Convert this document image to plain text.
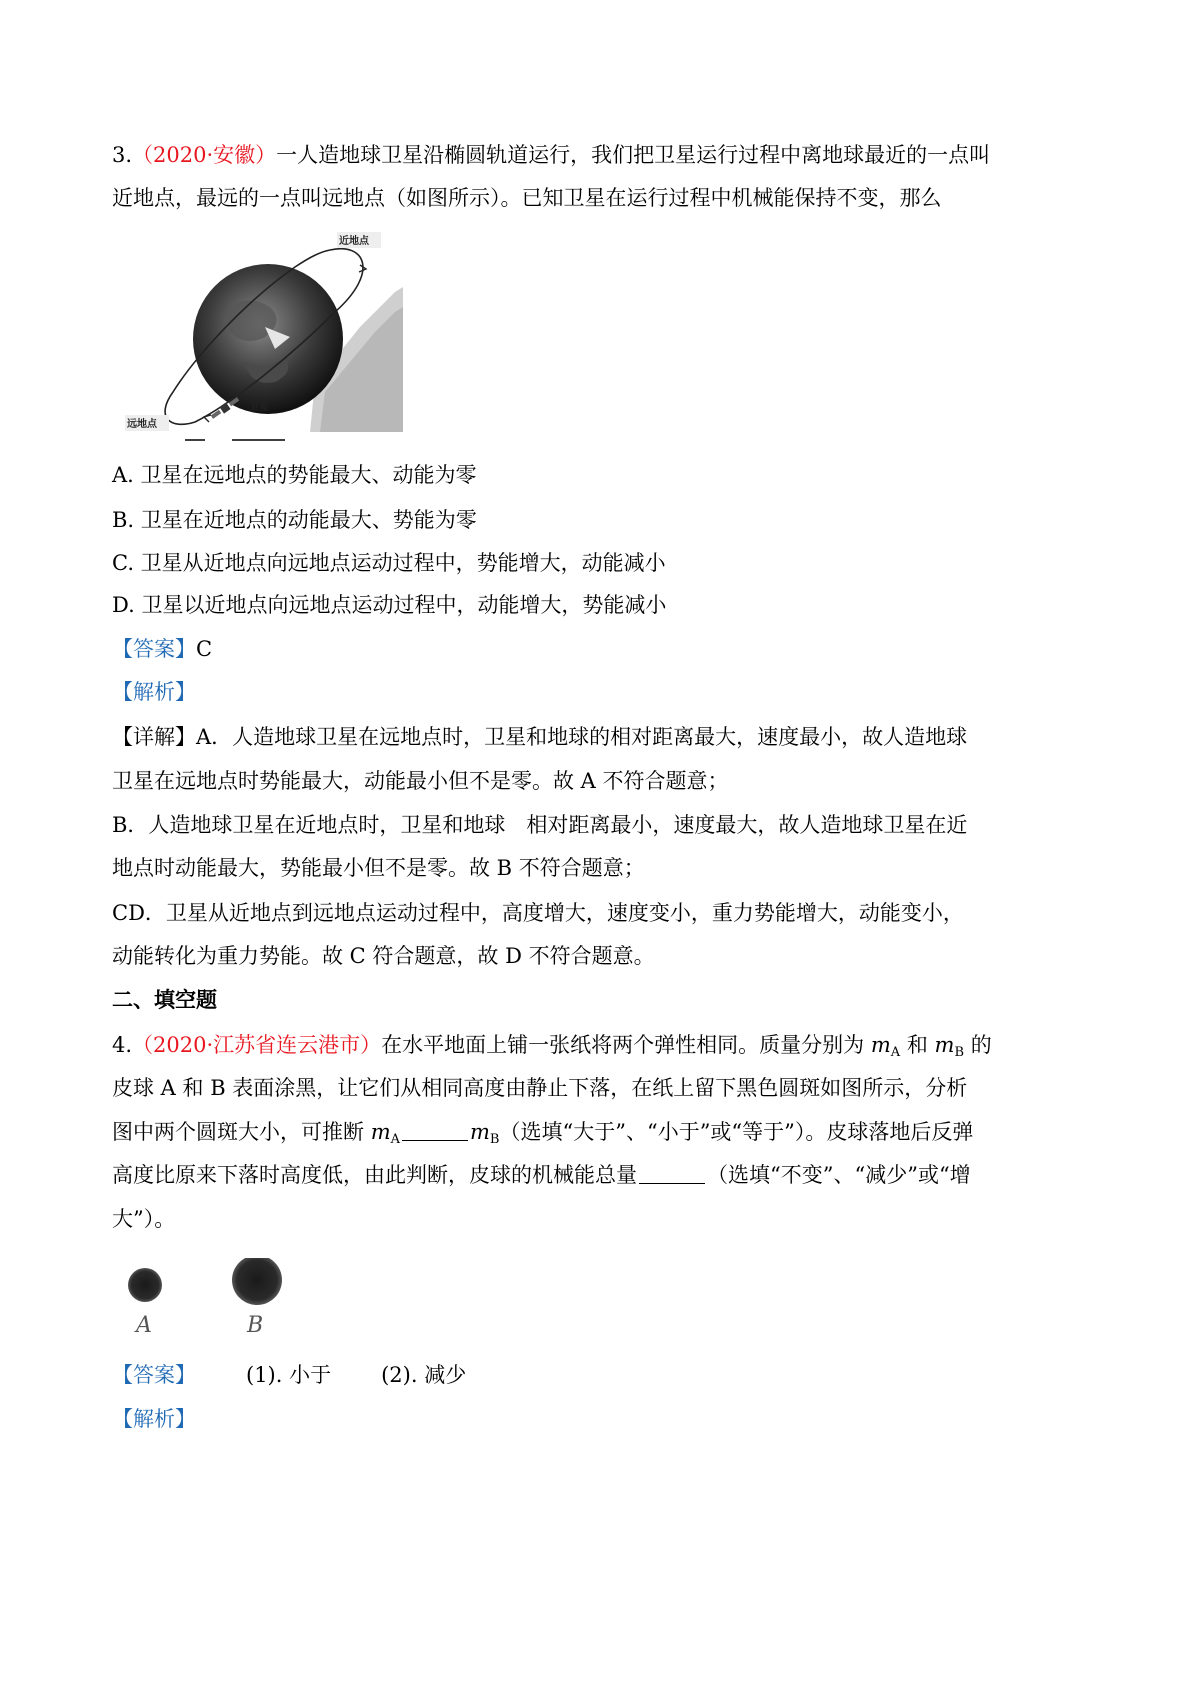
3.（2020·安徽）一人造地球卫星沿椭圆轨道运行，我们把卫星运行过程中离地球最近的一点叫
近地点，最远的一点叫远地点（如图所示）。已知卫星在运行过程中机械能保持不变，那么
近地点
远地点
卫星
A. 卫星在远地点的势能最大、动能为零
B. 卫星在近地点的动能最大、势能为零
C. 卫星从近地点向远地点运动过程中，势能增大，动能减小
D. 卫星以近地点向远地点运动过程中，动能增大，势能减小
【答案】C
【解析】
【详解】A．人造地球卫星在远地点时，卫星和地球的相对距离最大，速度最小，故人造地球
卫星在远地点时势能最大，动能最小但不是零。故 A 不符合题意；
B．人造地球卫星在近地点时，卫星和地球　相对距离最小，速度最大，故人造地球卫星在近
地点时动能最大，势能最小但不是零。故 B 不符合题意；
CD．卫星从近地点到远地点运动过程中，高度增大，速度变小，重力势能增大，动能变小，
动能转化为重力势能。故 C 符合题意，故 D 不符合题意。
二、填空题
4.（2020·江苏省连云港市）在水平地面上铺一张纸将两个弹性相同。质量分别为 $m_A$ 和 $m_B$ 的
皮球 A 和 B 表面涂黑，让它们从相同高度由静止下落，在纸上留下黑色圆斑如图所示，分析
图中两个圆斑大小，可推断 $m_A$	$m_B$（选填“大于”、“小于”或“等于”）。皮球落地后反弹
高度比原来下落时高度低，由此判断，皮球的机械能总量	（选填“不变”、“减少”或“增
大”）。
A	B
【答案】 (1). 小于 (2). 减少
【解析】
